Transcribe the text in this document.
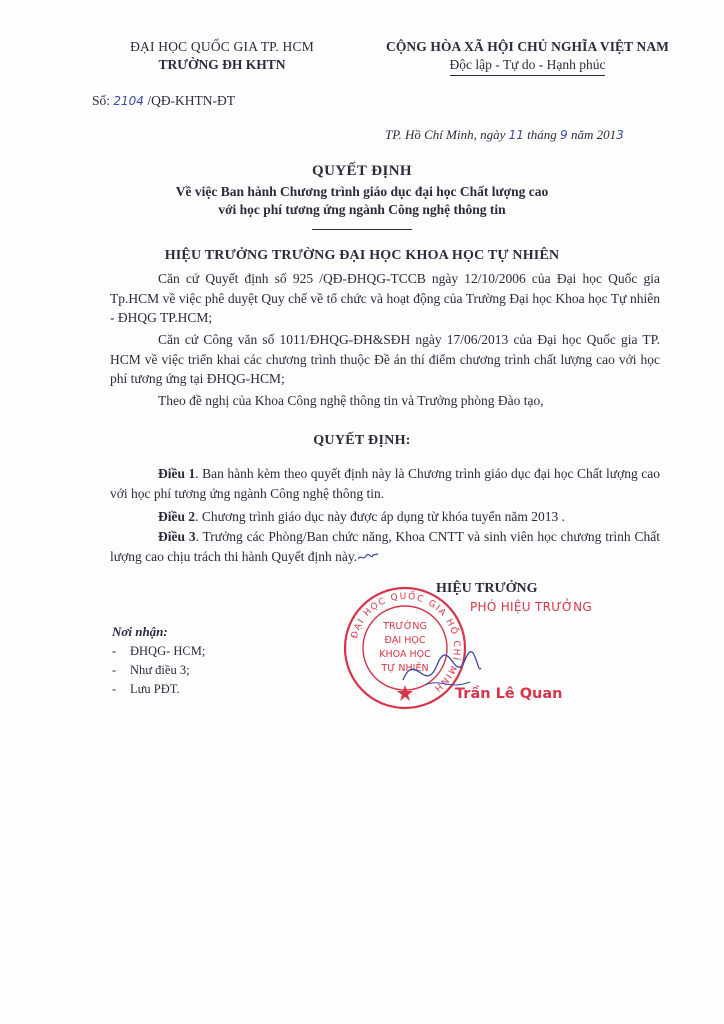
ĐẠI HỌC QUỐC GIA TP. HCM
TRƯỜNG ĐH KHTN
CỘNG HÒA XÃ HỘI CHỦ NGHĨA VIỆT NAM
Độc lập - Tự do - Hạnh phúc
Số: 2104 /QĐ-KHTN-ĐT
TP. Hồ Chí Minh, ngày 11 tháng 9 năm 2013
QUYẾT ĐỊNH
Về việc Ban hành Chương trình giáo dục đại học Chất lượng cao
với học phí tương ứng ngành Công nghệ thông tin
HIỆU TRƯỞNG TRƯỜNG ĐẠI HỌC KHOA HỌC TỰ NHIÊN

Căn cứ Quyết định số 925 /QĐ-ĐHQG-TCCB ngày 12/10/2006 của Đại học Quốc gia Tp.HCM về việc phê duyệt Quy chế về tổ chức và hoạt động của Trường Đại học Khoa học Tự nhiên - ĐHQG TP.HCM;

Căn cứ Công văn số 1011/ĐHQG-ĐH&SĐH ngày 17/06/2013 của Đại học Quốc gia TP. HCM về việc triển khai các chương trình thuộc Đề án thí điểm chương trình chất lượng cao với học phí tương ứng tại ĐHQG-HCM;

Theo đề nghị của Khoa Công nghệ thông tin và Trưởng phòng Đào tạo,

QUYẾT ĐỊNH:

Điều 1. Ban hành kèm theo quyết định này là Chương trình giáo dục đại học Chất lượng cao với học phí tương ứng ngành Công nghệ thông tin.

Điều 2. Chương trình giáo dục này được áp dụng từ khóa tuyển năm 2013 .

Điều 3. Trưởng các Phòng/Ban chức năng, Khoa CNTT và sinh viên học chương trình Chất lượng cao chịu trách thi hành Quyết định này.

ĐẠI HỌC QUỐC GIA HỒ CHÍ MINH
TRƯỜNG
ĐẠI HỌC
KHOA HỌC
TỰ NHIÊN
HIỆU TRƯỞNG
PHÓ HIỆU TRƯỞNG
Trần Lê Quan
Nơi nhận:
- ĐHQG- HCM;
- Như điều 3;
- Lưu PĐT.
